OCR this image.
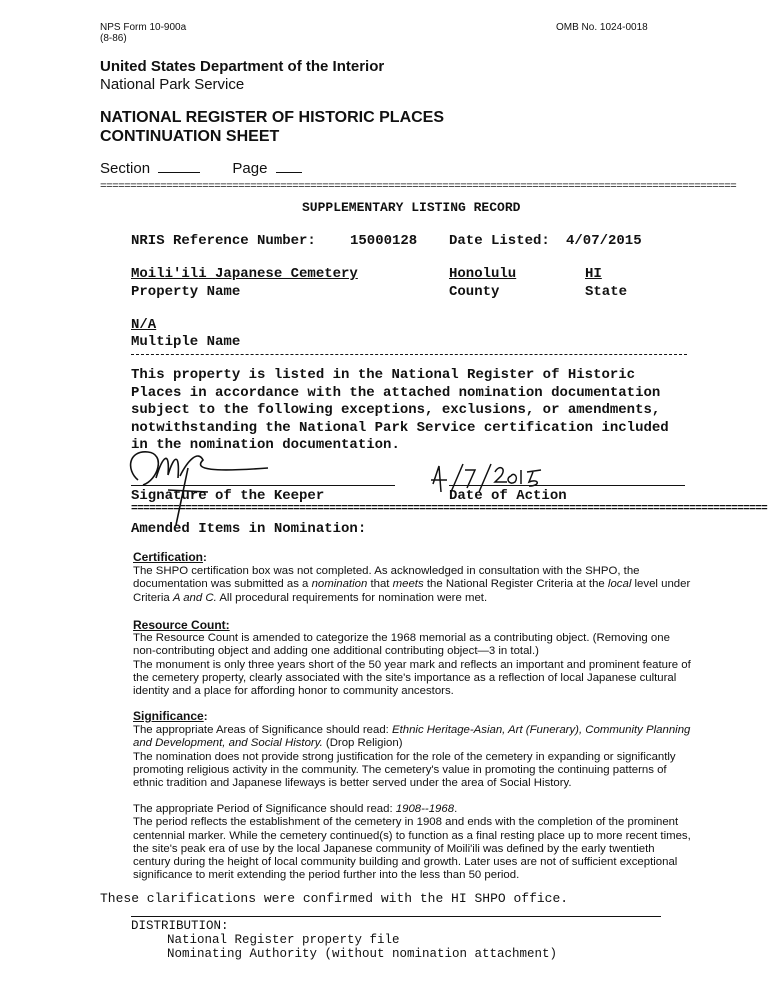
NPS Form 10-900a
(8-86)
OMB No. 1024-0018
United States Department of the Interior
National Park Service
NATIONAL REGISTER OF HISTORIC PLACES
CONTINUATION SHEET
Section	Page
==========================================================================================================
SUPPLEMENTARY LISTING RECORD
NRIS Reference Number: 15000128 Date Listed: 4/07/2015
Moili'ili Japanese Cemetery	Honolulu	HI
Property Name	County	State
N/A
Multiple Name
This property is listed in the National Register of Historic
Places in accordance with the attached nomination documentation
subject to the following exceptions, exclusions, or amendments,
notwithstanding the National Park Service certification included
in the nomination documentation.
Signature of the Keeper	Date of Action
==========================================================================================================
Amended Items in Nomination:
Certification:

The SHPO certification box was not completed. As acknowledged in consultation with the SHPO, the documentation was submitted as a nomination that meets the National Register Criteria at the local level under Criteria A and C. All procedural requirements for nomination were met.

Resource Count:

The Resource Count is amended to categorize the 1968 memorial as a contributing object. (Removing one non-contributing object and adding one additional contributing object—3 in total.)

The monument is only three years short of the 50 year mark and reflects an important and prominent feature of the cemetery property, clearly associated with the site's importance as a reflection of local Japanese cultural identity and a place for affording honor to community ancestors.

Significance:

The appropriate Areas of Significance should read: Ethnic Heritage-Asian, Art (Funerary), Community Planning and Development, and Social History. (Drop Religion)

The nomination does not provide strong justification for the role of the cemetery in expanding or significantly promoting religious activity in the community. The cemetery's value in promoting the continuing patterns of ethnic tradition and Japanese lifeways is better served under the area of Social History.

The appropriate Period of Significance should read: 1908--1968.

The period reflects the establishment of the cemetery in 1908 and ends with the completion of the prominent centennial marker. While the cemetery continued(s) to function as a final resting place up to more recent times, the site's peak era of use by the local Japanese community of Moili'ili was defined by the early twentieth century during the height of local community building and growth. Later uses are not of sufficient exceptional significance to merit extending the period further into the less than 50 period.

These clarifications were confirmed with the HI SHPO office.
DISTRIBUTION:
National Register property file
Nominating Authority (without nomination attachment)
